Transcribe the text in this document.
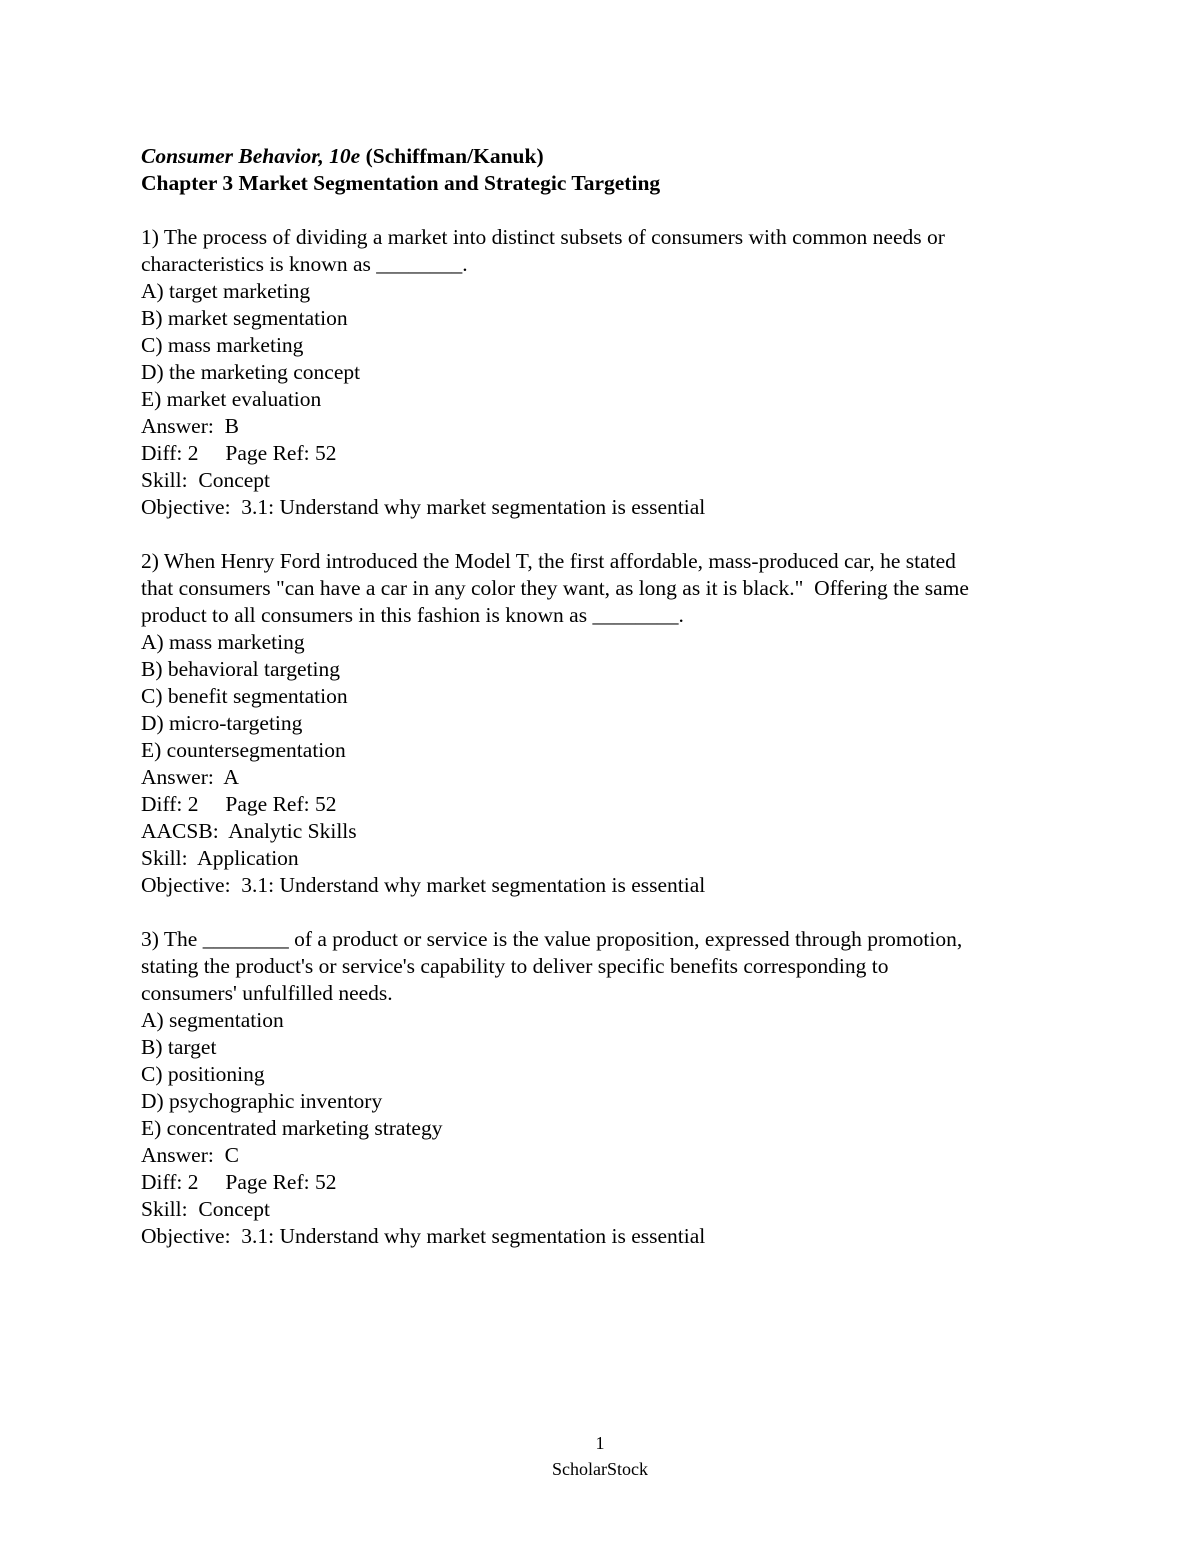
Consumer Behavior, 10e (Schiffman/Kanuk)

Chapter 3 Market Segmentation and Strategic Targeting

1) The process of dividing a market into distinct subsets of consumers with common needs or

characteristics is known as ________.

A) target marketing

B) market segmentation

C) mass marketing

D) the marketing concept

E) market evaluation

Answer:  B

Diff: 2     Page Ref: 52

Skill:  Concept

Objective:  3.1: Understand why market segmentation is essential

2) When Henry Ford introduced the Model T, the first affordable, mass-produced car, he stated

that consumers "can have a car in any color they want, as long as it is black."  Offering the same

product to all consumers in this fashion is known as ________.

A) mass marketing

B) behavioral targeting

C) benefit segmentation

D) micro-targeting

E) countersegmentation

Answer:  A

Diff: 2     Page Ref: 52

AACSB:  Analytic Skills

Skill:  Application

Objective:  3.1: Understand why market segmentation is essential

3) The ________ of a product or service is the value proposition, expressed through promotion,

stating the product's or service's capability to deliver specific benefits corresponding to

consumers' unfulfilled needs.

A) segmentation

B) target

C) positioning

D) psychographic inventory

E) concentrated marketing strategy

Answer:  C

Diff: 2     Page Ref: 52

Skill:  Concept

Objective:  3.1: Understand why market segmentation is essential

1
ScholarStock
